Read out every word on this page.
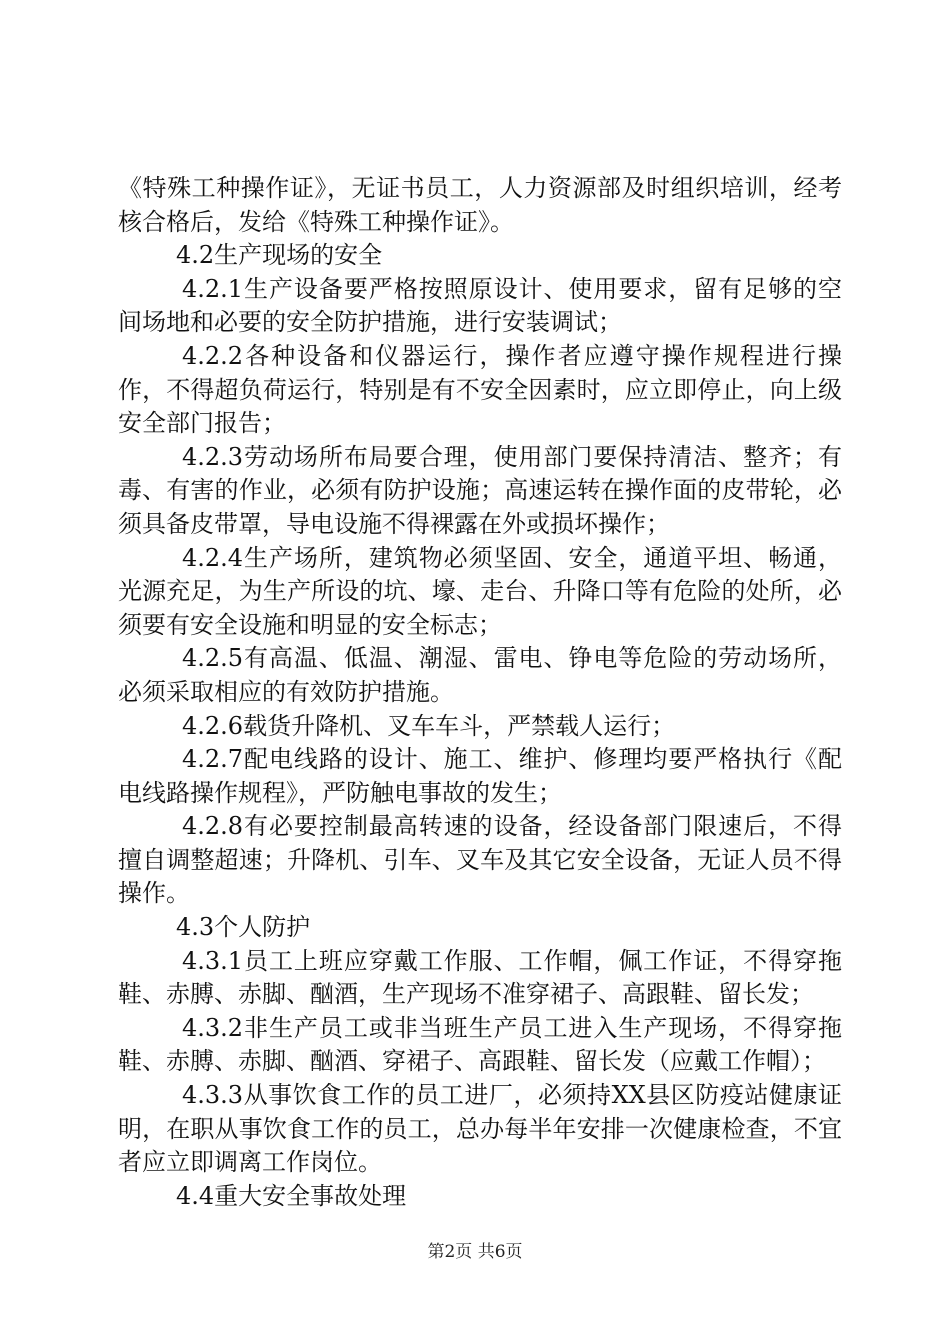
《特殊工种操作证》，无证书员工，人力资源部及时组织培训，经考核合格后，发给《特殊工种操作证》。

4.2生产现场的安全

4.2.1生产设备要严格按照原设计、使用要求，留有足够的空间场地和必要的安全防护措施，进行安装调试；

4.2.2各种设备和仪器运行，操作者应遵守操作规程进行操作，不得超负荷运行，特别是有不安全因素时，应立即停止，向上级安全部门报告；

4.2.3劳动场所布局要合理，使用部门要保持清洁、整齐；有毒、有害的作业，必须有防护设施；高速运转在操作面的皮带轮，必须具备皮带罩，导电设施不得裸露在外或损坏操作；

4.2.4生产场所，建筑物必须坚固、安全，通道平坦、畅通，光源充足，为生产所设的坑、壕、走台、升降口等有危险的处所，必须要有安全设施和明显的安全标志；

4.2.5有高温、低温、潮湿、雷电、铮电等危险的劳动场所，必须采取相应的有效防护措施。

4.2.6载货升降机、叉车车斗，严禁载人运行；

4.2.7配电线路的设计、施工、维护、修理均要严格执行《配电线路操作规程》，严防触电事故的发生；

4.2.8有必要控制最高转速的设备，经设备部门限速后，不得擅自调整超速；升降机、引车、叉车及其它安全设备，无证人员不得操作。

4.3个人防护

4.3.1员工上班应穿戴工作服、工作帽，佩工作证，不得穿拖鞋、赤膊、赤脚、酗酒，生产现场不准穿裙子、高跟鞋、留长发；

4.3.2非生产员工或非当班生产员工进入生产现场，不得穿拖鞋、赤膊、赤脚、酗酒、穿裙子、高跟鞋、留长发（应戴工作帽）；

4.3.3从事饮食工作的员工进厂，必须持XX县区防疫站健康证明，在职从事饮食工作的员工，总办每半年安排一次健康检查，不宜者应立即调离工作岗位。

4.4重大安全事故处理

第2页 共6页
